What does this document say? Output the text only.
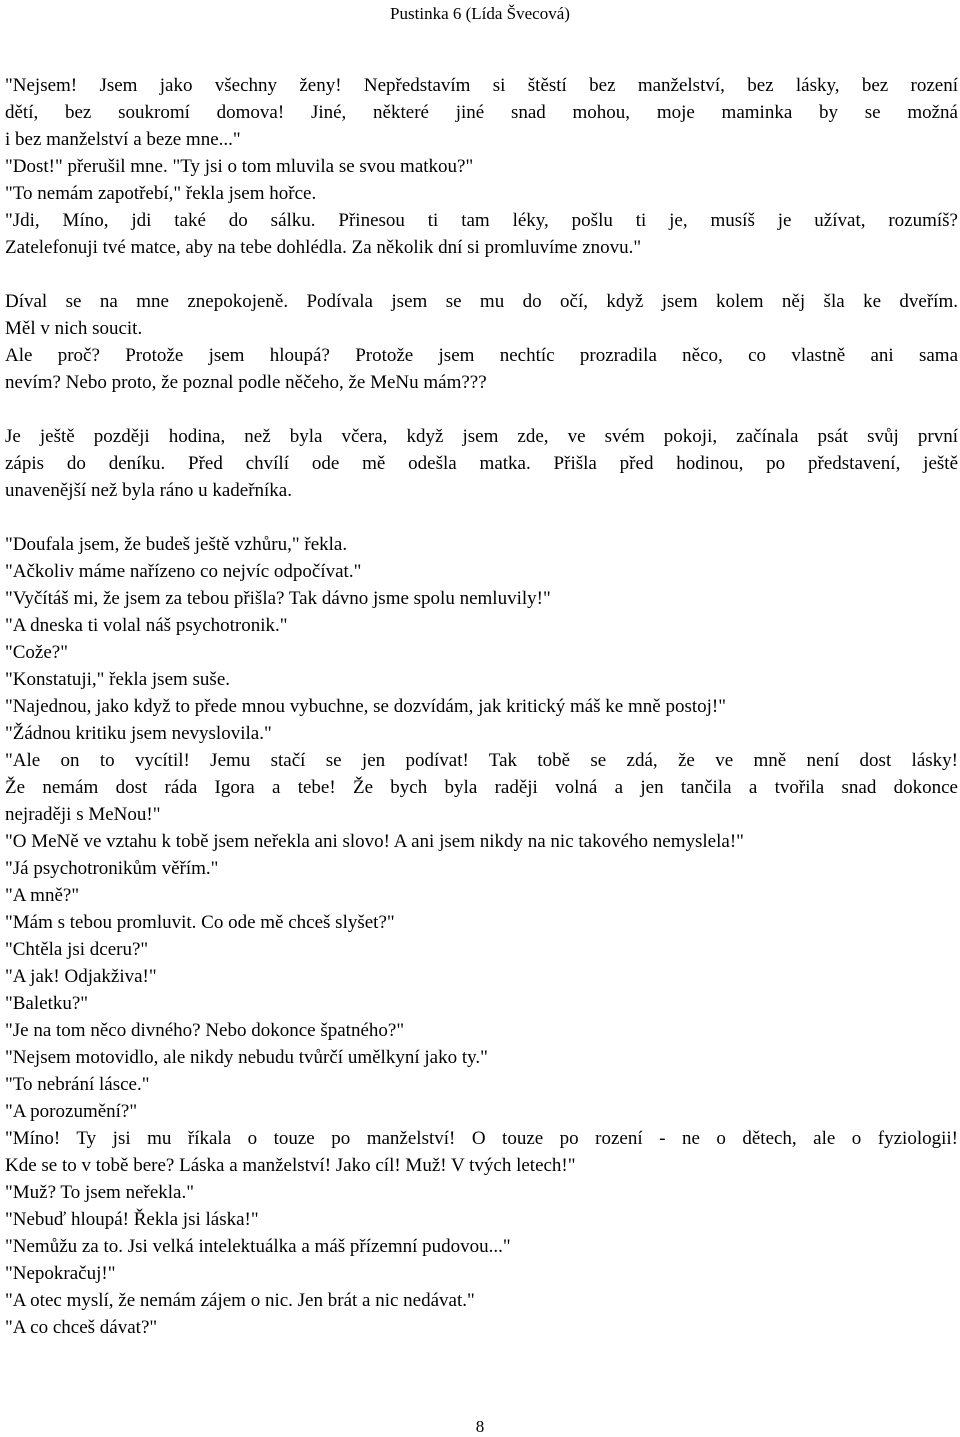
Pustinka 6 (Lída Švecová)

"Nejsem! Jsem jako všechny ženy! Nepředstavím si štěstí bez manželství, bez lásky, bez rození

dětí, bez soukromí domova! Jiné, některé jiné snad mohou, moje maminka by se možná

i bez manželství a beze mne..."

"Dost!" přerušil mne. "Ty jsi o tom mluvila se svou matkou?"

"To nemám zapotřebí," řekla jsem hořce.

"Jdi, Míno, jdi také do sálku. Přinesou ti tam léky, pošlu ti je, musíš je užívat, rozumíš?

Zatelefonuji tvé matce, aby na tebe dohlédla. Za několik dní si promluvíme znovu."

Díval se na mne znepokojeně. Podívala jsem se mu do očí, když jsem kolem něj šla ke dveřím.

Měl v nich soucit.

Ale proč? Protože jsem hloupá? Protože jsem nechtíc prozradila něco, co vlastně ani sama

nevím? Nebo proto, že poznal podle něčeho, že MeNu mám???

Je ještě později hodina, než byla včera, když jsem zde, ve svém pokoji, začínala psát svůj první

zápis do deníku. Před chvílí ode mě odešla matka. Přišla před hodinou, po představení, ještě

unavenější než byla ráno u kadeřníka.

"Doufala jsem, že budeš ještě vzhůru," řekla.

"Ačkoliv máme nařízeno co nejvíc odpočívat."

"Vyčítáš mi, že jsem za tebou přišla? Tak dávno jsme spolu nemluvily!"

"A dneska ti volal náš psychotronik."

"Cože?"

"Konstatuji," řekla jsem suše.

"Najednou, jako když to přede mnou vybuchne, se dozvídám, jak kritický máš ke mně postoj!"

"Žádnou kritiku jsem nevyslovila."

"Ale on to vycítil! Jemu stačí se jen podívat! Tak tobě se zdá, že ve mně není dost lásky!

Že nemám dost ráda Igora a tebe! Že bych byla raději volná a jen tančila a tvořila snad dokonce

nejraději s MeNou!"

"O MeNě ve vztahu k tobě jsem neřekla ani slovo! A ani jsem nikdy na nic takového nemyslela!"

"Já psychotronikům věřím."

"A mně?"

"Mám s tebou promluvit. Co ode mě chceš slyšet?"

"Chtěla jsi dceru?"

"A jak! Odjakživa!"

"Baletku?"

"Je na tom něco divného? Nebo dokonce špatného?"

"Nejsem motovidlo, ale nikdy nebudu tvůrčí umělkyní jako ty."

"To nebrání lásce."

"A porozumění?"

"Míno! Ty jsi mu říkala o touze po manželství! O touze po rození - ne o dětech, ale o fyziologii!

Kde se to v tobě bere? Láska a manželství! Jako cíl! Muž! V tvých letech!"

"Muž? To jsem neřekla."

"Nebuď hloupá! Řekla jsi láska!"

"Nemůžu za to. Jsi velká intelektuálka a máš přízemní pudovou..."

"Nepokračuj!"

"A otec myslí, že nemám zájem o nic. Jen brát a nic nedávat."

"A co chceš dávat?"

8
